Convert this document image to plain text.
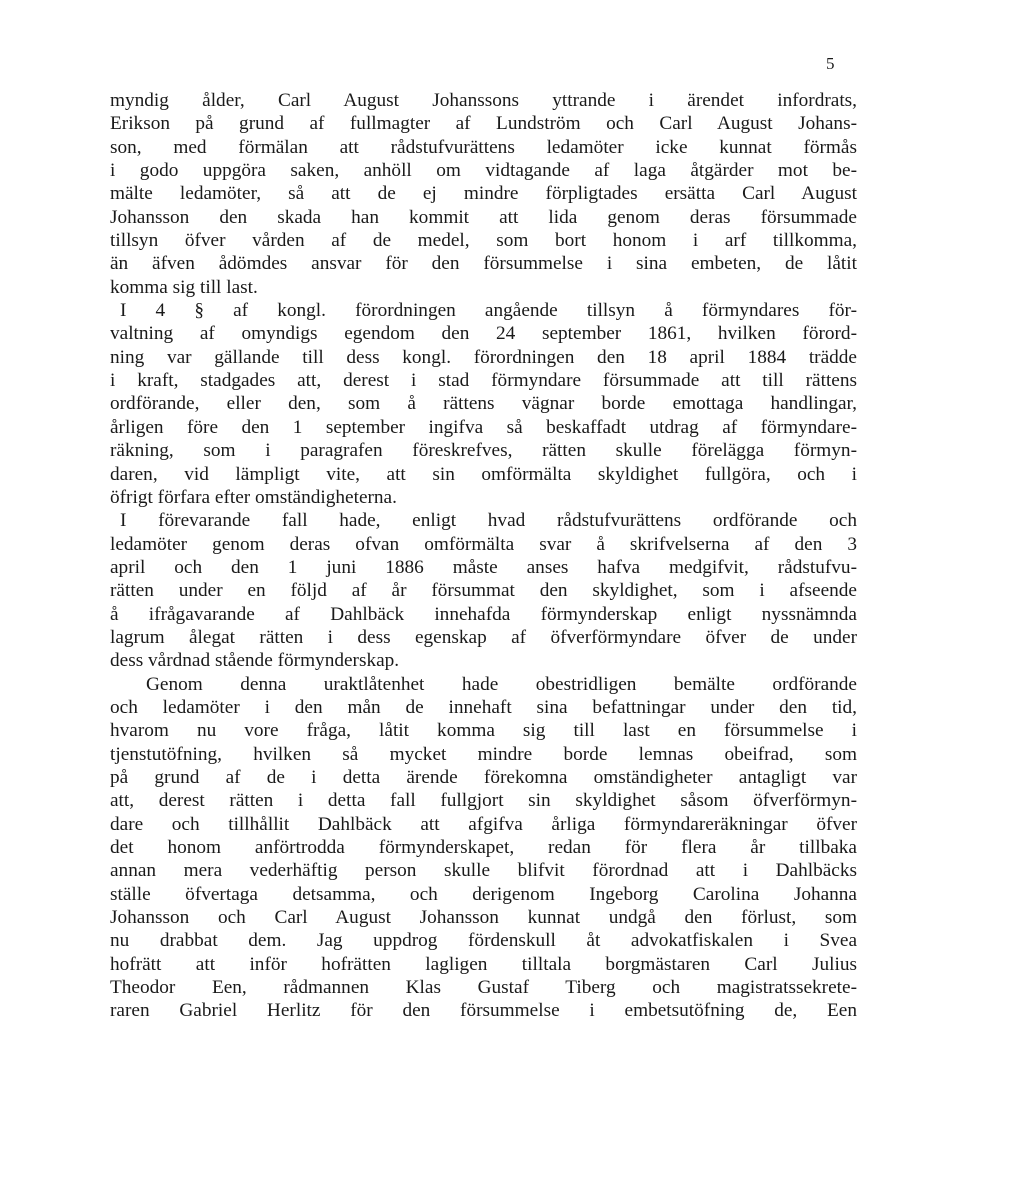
5
myndig ålder, Carl August Johanssons yttrande i ärendet infordrats,
Erikson på grund af fullmagter af Lundström och Carl August Johans-
son, med förmälan att rådstufvurättens ledamöter icke kunnat förmås
i godo uppgöra saken, anhöll om vidtagande af laga åtgärder mot be-
mälte ledamöter, så att de ej mindre förpligtades ersätta Carl August
Johansson den skada han kommit att lida genom deras försummade
tillsyn öfver vården af de medel, som bort honom i arf tillkomma,
än äfven ådömdes ansvar för den försummelse i sina embeten, de låtit
komma sig till last.
I 4 § af kongl. förordningen angående tillsyn å förmyndares för-
valtning af omyndigs egendom den 24 september 1861, hvilken förord-
ning var gällande till dess kongl. förordningen den 18 april 1884 trädde
i kraft, stadgades att, derest i stad förmyndare försummade att till rättens
ordförande, eller den, som å rättens vägnar borde emottaga handlingar,
årligen före den 1 september ingifva så beskaffadt utdrag af förmyndare-
räkning, som i paragrafen föreskrefves, rätten skulle förelägga förmyn-
daren, vid lämpligt vite, att sin omförmälta skyldighet fullgöra, och i
öfrigt förfara efter omständigheterna.
I förevarande fall hade, enligt hvad rådstufvurättens ordförande och
ledamöter genom deras ofvan omförmälta svar å skrifvelserna af den 3
april och den 1 juni 1886 måste anses hafva medgifvit, rådstufvu-
rätten under en följd af år försummat den skyldighet, som i afseende
å ifrågavarande af Dahlbäck innehafda förmynderskap enligt nyssnämnda
lagrum ålegat rätten i dess egenskap af öfverförmyndare öfver de under
dess vårdnad stående förmynderskap.
Genom denna uraktlåtenhet hade obestridligen bemälte ordförande
och ledamöter i den mån de innehaft sina befattningar under den tid,
hvarom nu vore fråga, låtit komma sig till last en försummelse i
tjenstutöfning, hvilken så mycket mindre borde lemnas obeifrad, som
på grund af de i detta ärende förekomna omständigheter antagligt var
att, derest rätten i detta fall fullgjort sin skyldighet såsom öfverförmyn-
dare och tillhållit Dahlbäck att afgifva årliga förmyndareräkningar öfver
det honom anförtrodda förmynderskapet, redan för flera år tillbaka
annan mera vederhäftig person skulle blifvit förordnad att i Dahlbäcks
ställe öfvertaga detsamma, och derigenom Ingeborg Carolina Johanna
Johansson och Carl August Johansson kunnat undgå den förlust, som
nu drabbat dem. Jag uppdrog fördenskull åt advokatfiskalen i Svea
hofrätt att inför hofrätten lagligen tilltala borgmästaren Carl Julius
Theodor Een, rådmannen Klas Gustaf Tiberg och magistratssekrete-
raren Gabriel Herlitz för den försummelse i embetsutöfning de, Een
